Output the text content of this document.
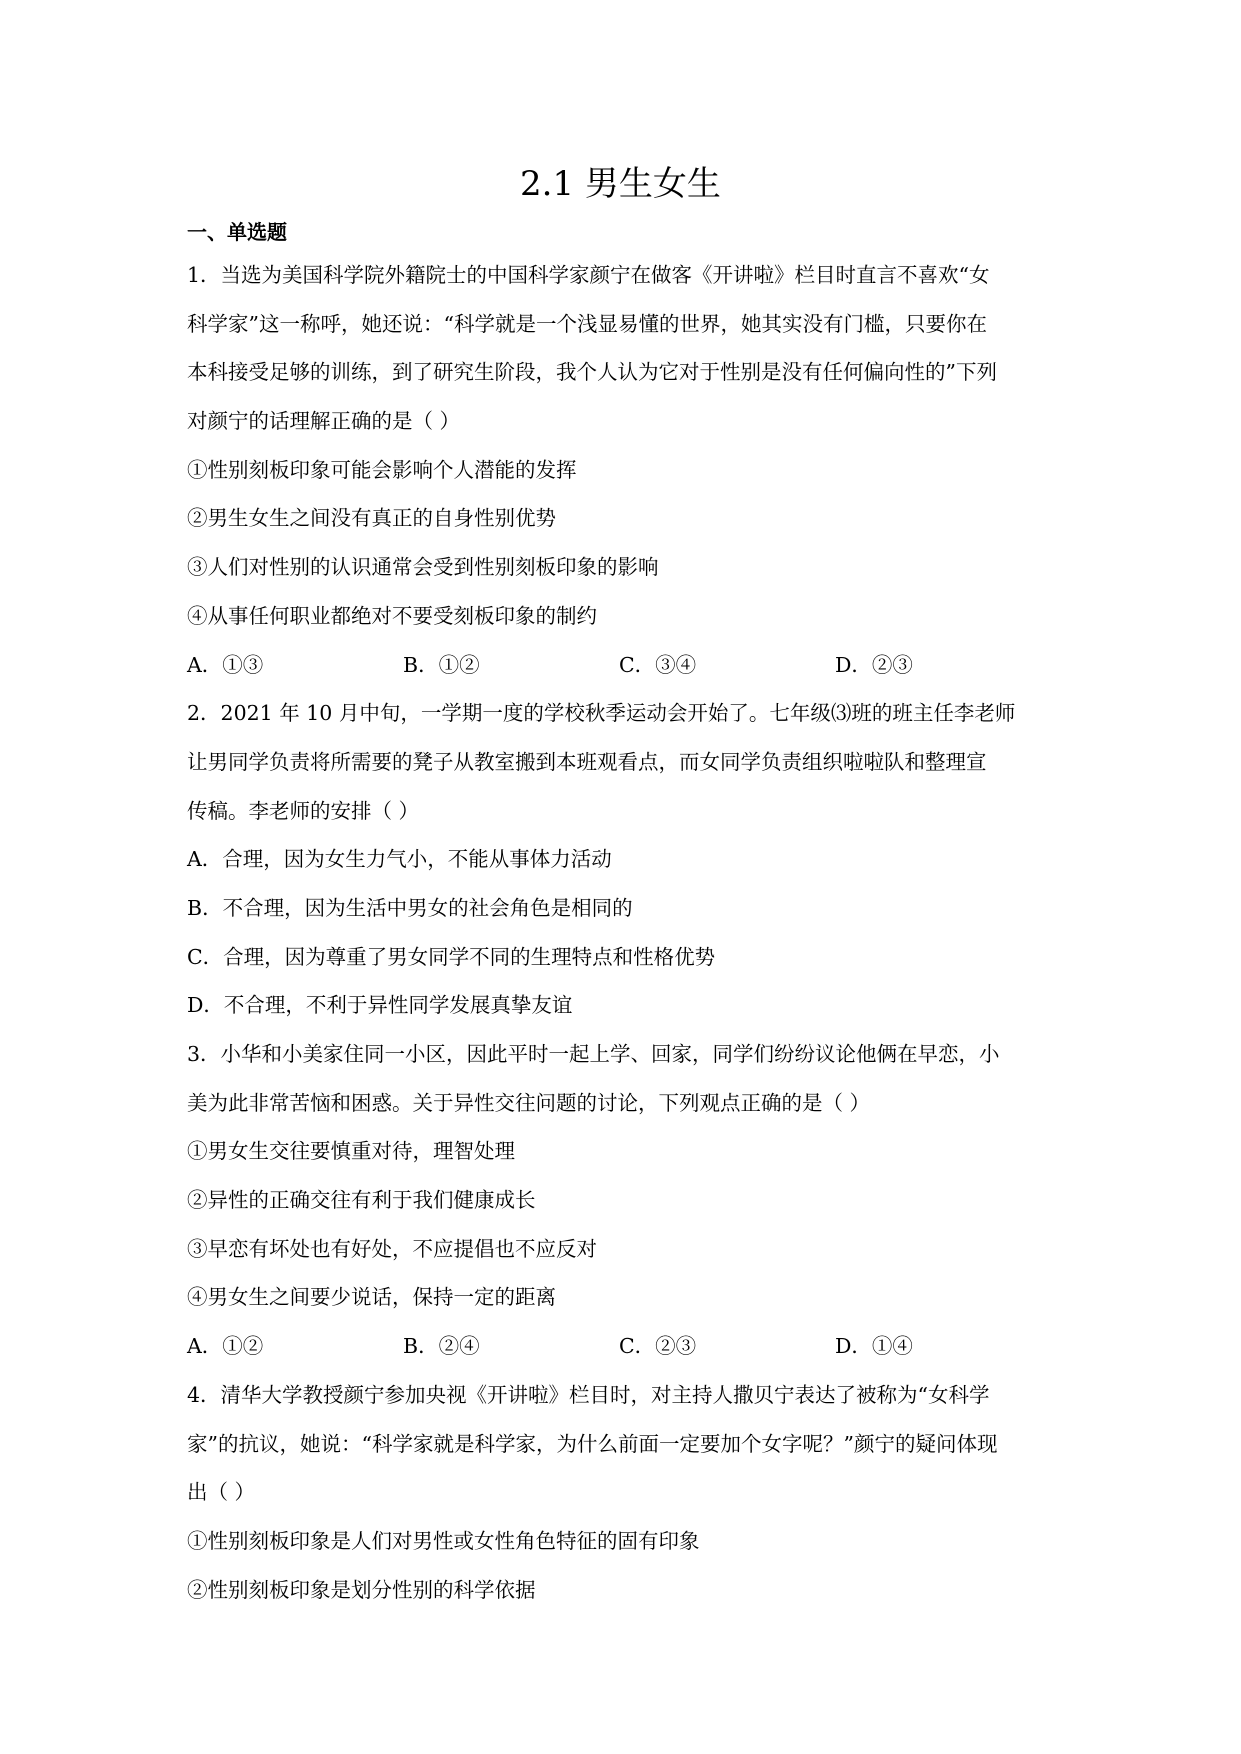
2.1 男生女生
一、单选题
1．当选为美国科学院外籍院士的中国科学家颜宁在做客《开讲啦》栏目时直言不喜欢“女
科学家”这一称呼，她还说：“科学就是一个浅显易懂的世界，她其实没有门槛，只要你在
本科接受足够的训练，到了研究生阶段，我个人认为它对于性别是没有任何偏向性的”下列
对颜宁的话理解正确的是（ ）
①性别刻板印象可能会影响个人潜能的发挥
②男生女生之间没有真正的自身性别优势
③人们对性别的认识通常会受到性别刻板印象的影响
④从事任何职业都绝对不要受刻板印象的制约
A．①③	B．①②	C．③④	D．②③
2．2021 年 10 月中旬，一学期一度的学校秋季运动会开始了。七年级⑶班的班主任李老师
让男同学负责将所需要的凳子从教室搬到本班观看点，而女同学负责组织啦啦队和整理宣
传稿。李老师的安排（ ）
A．合理，因为女生力气小，不能从事体力活动
B．不合理，因为生活中男女的社会角色是相同的
C．合理，因为尊重了男女同学不同的生理特点和性格优势
D．不合理，不利于异性同学发展真挚友谊
3．小华和小美家住同一小区，因此平时一起上学、回家，同学们纷纷议论他俩在早恋，小
美为此非常苦恼和困惑。关于异性交往问题的讨论，下列观点正确的是（ ）
①男女生交往要慎重对待，理智处理
②异性的正确交往有利于我们健康成长
③早恋有坏处也有好处，不应提倡也不应反对
④男女生之间要少说话，保持一定的距离
A．①②	B．②④	C．②③	D．①④
4．清华大学教授颜宁参加央视《开讲啦》栏目时，对主持人撒贝宁表达了被称为“女科学
家”的抗议，她说：“科学家就是科学家，为什么前面一定要加个女字呢？”颜宁的疑问体现
出（ ）
①性别刻板印象是人们对男性或女性角色特征的固有印象
②性别刻板印象是划分性别的科学依据
